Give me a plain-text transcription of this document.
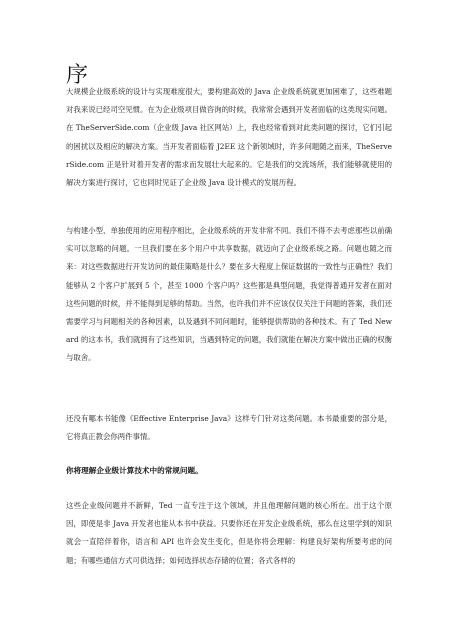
序

大规模企业级系统的设计与实现难度很大，要构建高效的 Java 企业级系统就更加困难了，这些难题对我来说已经司空见惯。在为企业级项目做咨询的时候，我常常会遇到开发者面临的这类现实问题。在 TheServerSide.com（企业级 Java 社区网站）上，我也经常看到对此类问题的探讨，它们引起的困扰以及相应的解决方案。当开发者面临着 J2EE 这个新领域时，许多问题随之而来，TheServerSide.com 正是针对着开发者的需求而发展壮大起来的。它是我们的交流场所，我们能够就使用的解决方案进行探讨，它也同时见证了企业级 Java 设计模式的发展历程。

与构建小型、单独使用的应用程序相比，企业级系统的开发非常不同。我们不得不去考虑那些以前确实可以忽略的问题。一旦我们要在多个用户中共享数据，就迈向了企业级系统之路。问题也随之而来：对这些数据进行开发访问的最佳策略是什么？要在多大程度上保证数据的一致性与正确性？我们能够从 2 个客户扩展到 5 个，甚至 1000 个客户吗？这些都是典型问题，我觉得普通开发者在面对这些问题的时候，并不能得到足够的帮助。当然，也许我们并不应该仅仅关注于问题的答案，我们还需要学习与问题相关的各种因素，以及遇到不同问题时，能够提供帮助的各种技术。有了 Ted Neward 的这本书，我们就拥有了这些知识，当遇到特定的问题，我们就能在解决方案中做出正确的权衡与取舍。

还没有哪本书能像《Effective Enterprise Java》这样专门针对这类问题。本书最重要的部分是，它将真正教会你两件事情。

你将理解企业级计算技术中的常规问题。

这些企业级问题并不新鲜，Ted 一直专注于这个领域，并且他理解问题的核心所在。出于这个原因，即使是非 Java 开发者也能从本书中获益。只要你还在开发企业级系统，那么在这里学到的知识就会一直陪伴着你，语言和 API 也许会发生变化，但是你将会理解：构建良好架构所要考虑的问题；有哪些通信方式可供选择；如何选择状态存储的位置；各式各样的
